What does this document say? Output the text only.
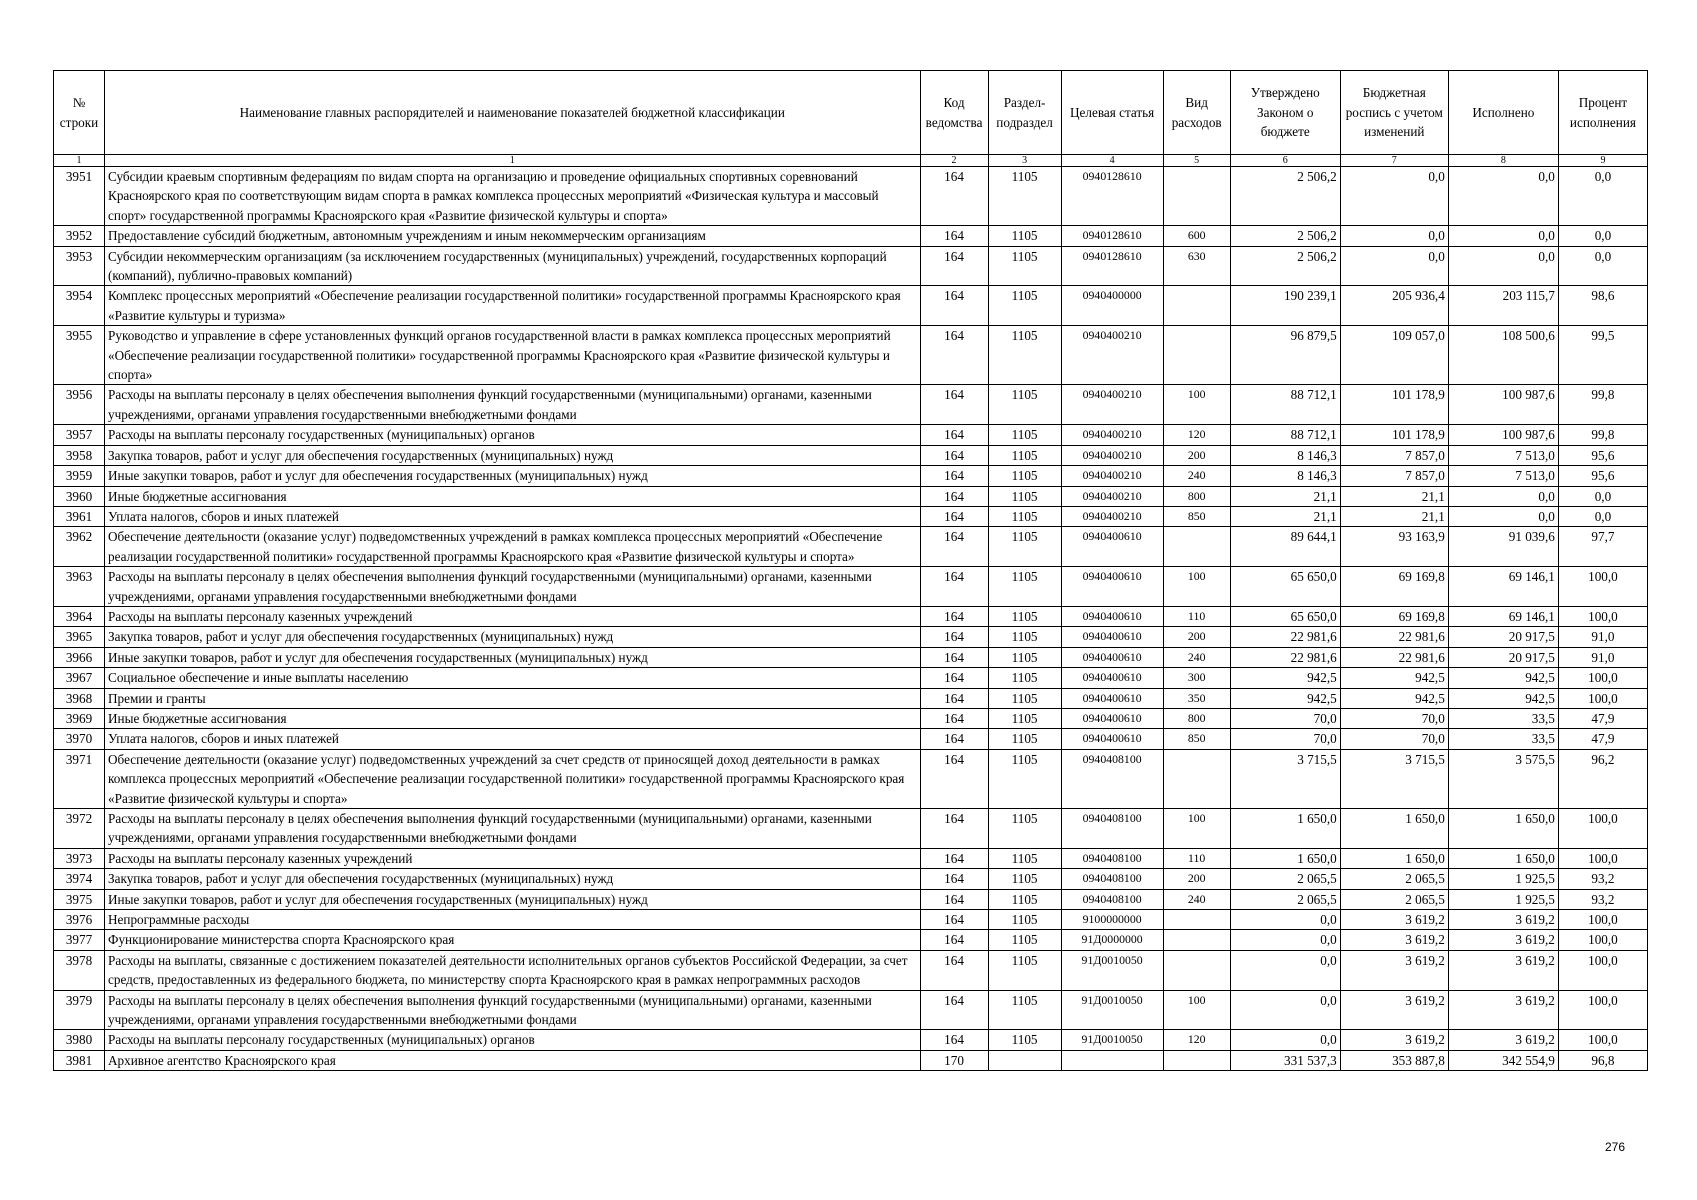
№ строки	Наименование главных распорядителей и наименование показателей бюджетной классификации	Код ведомства	Раздел-подраздел	Целевая статья	Вид расходов	Утверждено Законом о бюджете	Бюджетная роспись с учетом изменений	Исполнено	Процент исполнения
1	1	2	3	4	5	6	7	8	9
3951	Субсидии краевым спортивным федерациям по видам спорта на организацию и проведение официальных спортивных соревнований Красноярского края по соответствующим видам спорта в рамках комплекса процессных мероприятий «Физическая культура и массовый спорт» государственной программы Красноярского края «Развитие физической культуры и спорта»	164	1105	0940128610		2 506,2	0,0	0,0	0,0
3952	Предоставление субсидий бюджетным, автономным учреждениям и иным некоммерческим организациям	164	1105	0940128610	600	2 506,2	0,0	0,0	0,0
3953	Субсидии некоммерческим организациям (за исключением государственных (муниципальных) учреждений, государственных корпораций (компаний), публично-правовых компаний)	164	1105	0940128610	630	2 506,2	0,0	0,0	0,0
3954	Комплекс процессных мероприятий «Обеспечение реализации государственной политики» государственной программы Красноярского края «Развитие культуры и туризма»	164	1105	0940400000		190 239,1	205 936,4	203 115,7	98,6
3955	Руководство и управление в сфере установленных функций органов государственной власти в рамках комплекса процессных мероприятий «Обеспечение реализации государственной политики» государственной программы Красноярского края «Развитие физической культуры и спорта»	164	1105	0940400210		96 879,5	109 057,0	108 500,6	99,5
3956	Расходы на выплаты персоналу в целях обеспечения выполнения функций государственными (муниципальными) органами, казенными учреждениями, органами управления государственными внебюджетными фондами	164	1105	0940400210	100	88 712,1	101 178,9	100 987,6	99,8
3957	Расходы на выплаты персоналу государственных (муниципальных) органов	164	1105	0940400210	120	88 712,1	101 178,9	100 987,6	99,8
3958	Закупка товаров, работ и услуг для обеспечения государственных (муниципальных) нужд	164	1105	0940400210	200	8 146,3	7 857,0	7 513,0	95,6
3959	Иные закупки товаров, работ и услуг для обеспечения государственных (муниципальных) нужд	164	1105	0940400210	240	8 146,3	7 857,0	7 513,0	95,6
3960	Иные бюджетные ассигнования	164	1105	0940400210	800	21,1	21,1	0,0	0,0
3961	Уплата налогов, сборов и иных платежей	164	1105	0940400210	850	21,1	21,1	0,0	0,0
3962	Обеспечение деятельности (оказание услуг) подведомственных учреждений в рамках комплекса процессных мероприятий «Обеспечение реализации государственной политики» государственной программы Красноярского края «Развитие физической культуры и спорта»	164	1105	0940400610		89 644,1	93 163,9	91 039,6	97,7
3963	Расходы на выплаты персоналу в целях обеспечения выполнения функций государственными (муниципальными) органами, казенными учреждениями, органами управления государственными внебюджетными фондами	164	1105	0940400610	100	65 650,0	69 169,8	69 146,1	100,0
3964	Расходы на выплаты персоналу казенных учреждений	164	1105	0940400610	110	65 650,0	69 169,8	69 146,1	100,0
3965	Закупка товаров, работ и услуг для обеспечения государственных (муниципальных) нужд	164	1105	0940400610	200	22 981,6	22 981,6	20 917,5	91,0
3966	Иные закупки товаров, работ и услуг для обеспечения государственных (муниципальных) нужд	164	1105	0940400610	240	22 981,6	22 981,6	20 917,5	91,0
3967	Социальное обеспечение и иные выплаты населению	164	1105	0940400610	300	942,5	942,5	942,5	100,0
3968	Премии и гранты	164	1105	0940400610	350	942,5	942,5	942,5	100,0
3969	Иные бюджетные ассигнования	164	1105	0940400610	800	70,0	70,0	33,5	47,9
3970	Уплата налогов, сборов и иных платежей	164	1105	0940400610	850	70,0	70,0	33,5	47,9
3971	Обеспечение деятельности (оказание услуг) подведомственных учреждений за счет средств от приносящей доход деятельности в рамках комплекса процессных мероприятий «Обеспечение реализации государственной политики» государственной программы Красноярского края «Развитие физической культуры и спорта»	164	1105	0940408100		3 715,5	3 715,5	3 575,5	96,2
3972	Расходы на выплаты персоналу в целях обеспечения выполнения функций государственными (муниципальными) органами, казенными учреждениями, органами управления государственными внебюджетными фондами	164	1105	0940408100	100	1 650,0	1 650,0	1 650,0	100,0
3973	Расходы на выплаты персоналу казенных учреждений	164	1105	0940408100	110	1 650,0	1 650,0	1 650,0	100,0
3974	Закупка товаров, работ и услуг для обеспечения государственных (муниципальных) нужд	164	1105	0940408100	200	2 065,5	2 065,5	1 925,5	93,2
3975	Иные закупки товаров, работ и услуг для обеспечения государственных (муниципальных) нужд	164	1105	0940408100	240	2 065,5	2 065,5	1 925,5	93,2
3976	Непрограммные расходы	164	1105	9100000000		0,0	3 619,2	3 619,2	100,0
3977	Функционирование министерства спорта Красноярского края	164	1105	91Д0000000		0,0	3 619,2	3 619,2	100,0
3978	Расходы на выплаты, связанные с достижением показателей деятельности исполнительных органов субъектов Российской Федерации, за счет средств, предоставленных из федерального бюджета, по министерству спорта Красноярского края в рамках непрограммных расходов	164	1105	91Д0010050		0,0	3 619,2	3 619,2	100,0
3979	Расходы на выплаты персоналу в целях обеспечения выполнения функций государственными (муниципальными) органами, казенными учреждениями, органами управления государственными внебюджетными фондами	164	1105	91Д0010050	100	0,0	3 619,2	3 619,2	100,0
3980	Расходы на выплаты персоналу государственных (муниципальных) органов	164	1105	91Д0010050	120	0,0	3 619,2	3 619,2	100,0
3981	Архивное агентство Красноярского края	170				331 537,3	353 887,8	342 554,9	96,8
276
